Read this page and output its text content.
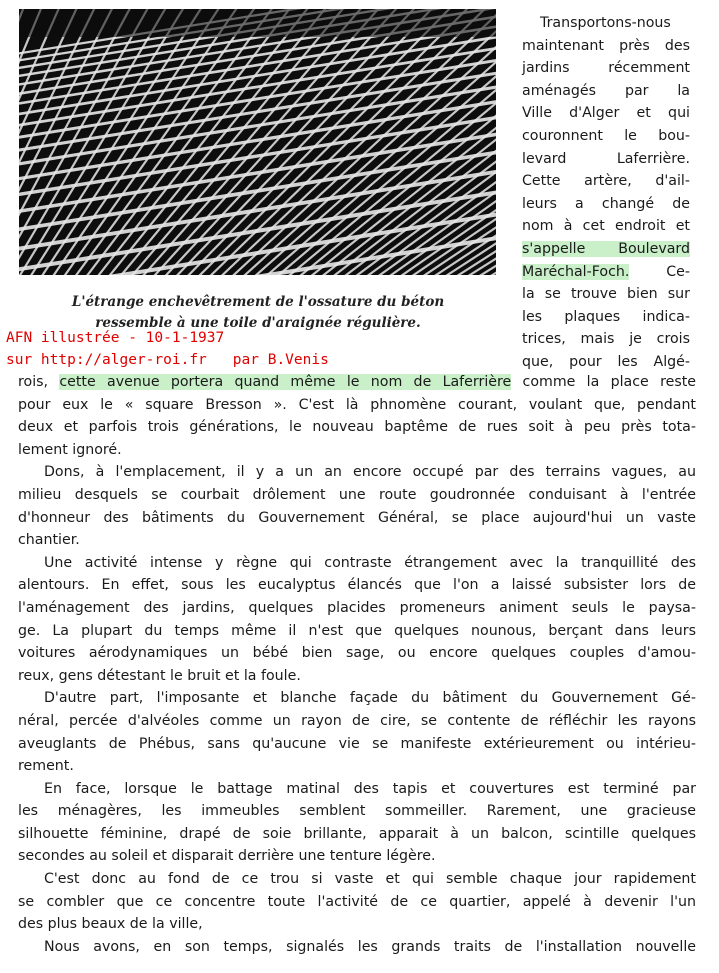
L'étrange enchevêtrement de l'ossature du béton
ressemble à une toile d'araignée régulière.
Transportons-nous
maintenant près des
jardins récemment
aménagés par la
Ville d'Alger et qui
couronnent le bou-
levard Laferrière.
Cette artère, d'ail-
leurs a changé de
nom à cet endroit et
s'appelle Boulevard
Maréchal-Foch. Ce-
la se trouve bien sur
les plaques indica-
trices, mais je crois
que, pour les Algé-
AFN illustrée - 10-1-1937
sur http://alger-roi.fr par B.Venis
rois, cette avenue portera quand même le nom de Laferrière comme la place reste
pour eux le « square Bresson ». C'est là phnomène courant, voulant que, pendant
deux et parfois trois générations, le nouveau baptême de rues soit à peu près tota-
lement ignoré.
Dons, à l'emplacement, il y a un an encore occupé par des terrains vagues, au
milieu desquels se courbait drôlement une route goudronnée conduisant à l'entrée
d'honneur des bâtiments du Gouvernement Général, se place aujourd'hui un vaste
chantier.
Une activité intense y règne qui contraste étrangement avec la tranquillité des
alentours. En effet, sous les eucalyptus élancés que l'on a laissé subsister lors de
l'aménagement des jardins, quelques placides promeneurs animent seuls le paysa-
ge. La plupart du temps même il n'est que quelques nounous, berçant dans leurs
voitures aérodynamiques un bébé bien sage, ou encore quelques couples d'amou-
reux, gens détestant le bruit et la foule.
D'autre part, l'imposante et blanche façade du bâtiment du Gouvernement Gé-
néral, percée d'alvéoles comme un rayon de cire, se contente de réfléchir les rayons
aveuglants de Phébus, sans qu'aucune vie se manifeste extérieurement ou intérieu-
rement.
En face, lorsque le battage matinal des tapis et couvertures est terminé par
les ménagères, les immeubles semblent sommeiller. Rarement, une gracieuse
silhouette féminine, drapé de soie brillante, apparait à un balcon, scintille quelques
secondes au soleil et disparait derrière une tenture légère.
C'est donc au fond de ce trou si vaste et qui semble chaque jour rapidement
se combler que ce concentre toute l'activité de ce quartier, appelé à devenir l'un
des plus beaux de la ville,
Nous avons, en son temps, signalés les grands traits de l'installation nouvelle
